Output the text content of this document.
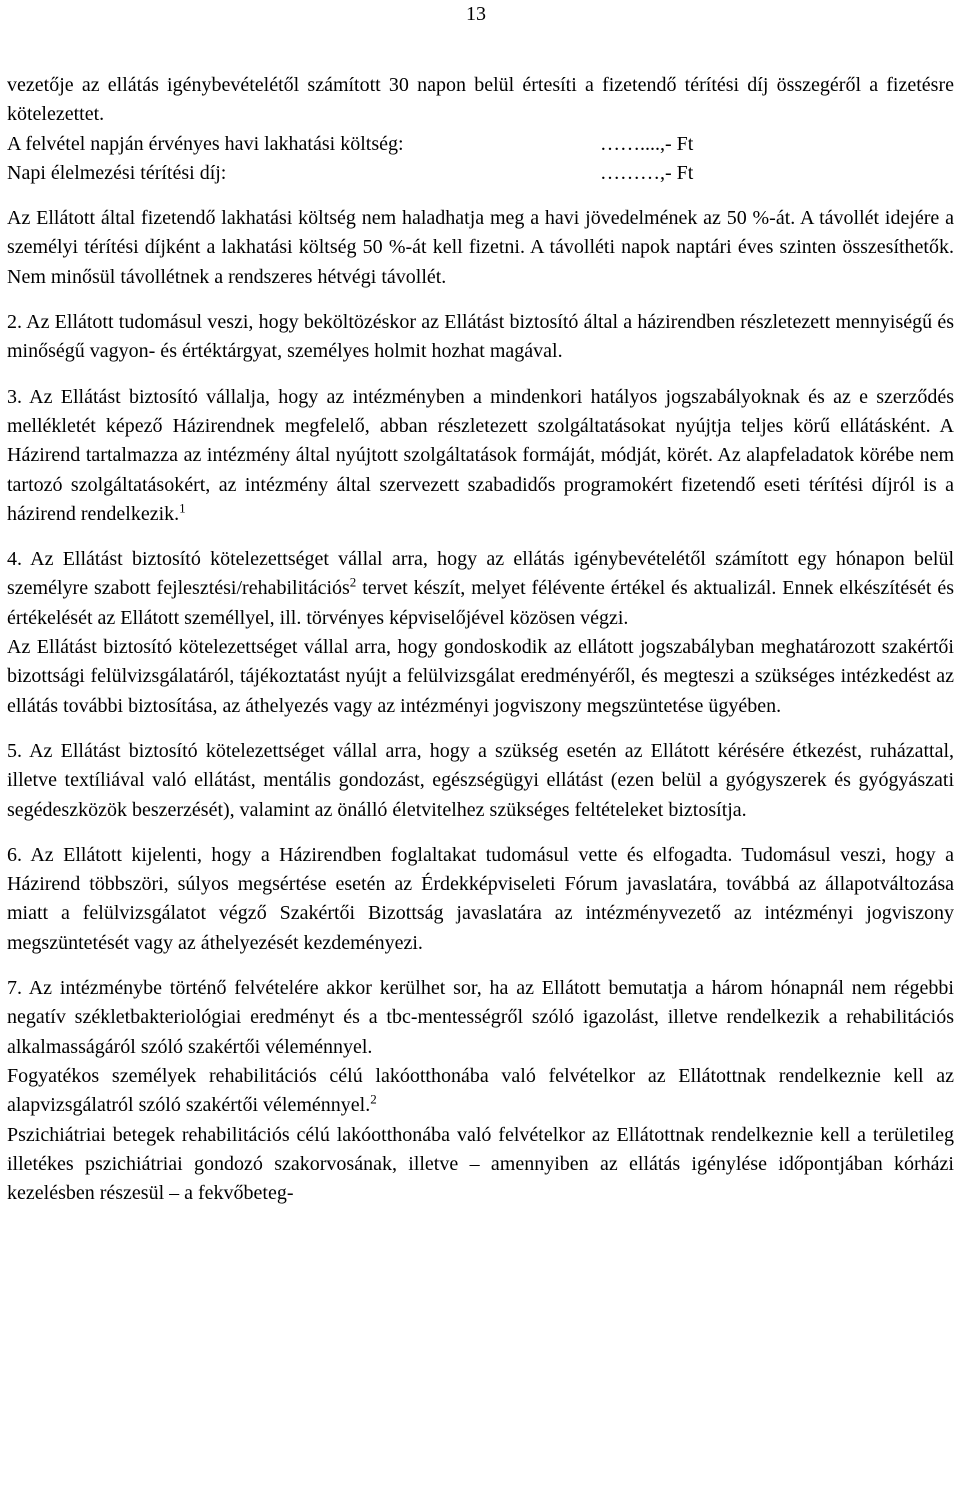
13

vezetője az ellátás igénybevételétől számított 30 napon belül értesíti a fizetendő térítési díj összegéről a fizetésre kötelezettet.

A felvétel napján érvényes havi lakhatási költség:	……....,- Ft
Napi élelmezési térítési díj:	………,- Ft

Az Ellátott által fizetendő lakhatási költség nem haladhatja meg a havi jövedelmének az 50 %-át. A távollét idejére a személyi térítési díjként a lakhatási költség 50 %-át kell fizetni. A távolléti napok naptári éves szinten összesíthetők. Nem minősül távollétnek a rendszeres hétvégi távollét.

2. Az Ellátott tudomásul veszi, hogy beköltözéskor az Ellátást biztosító által a házirendben részletezett mennyiségű és minőségű vagyon- és értéktárgyat, személyes holmit hozhat magával.

3. Az Ellátást biztosító vállalja, hogy az intézményben a mindenkori hatályos jogszabályoknak és az e szerződés mellékletét képező Házirendnek megfelelő, abban részletezett szolgáltatásokat nyújtja teljes körű ellátásként. A Házirend tartalmazza az intézmény által nyújtott szolgáltatások formáját, módját, körét. Az alapfeladatok körébe nem tartozó szolgáltatásokért, az intézmény által szervezett szabadidős programokért fizetendő eseti térítési díjról is a házirend rendelkezik.$^1$

4. Az Ellátást biztosító kötelezettséget vállal arra, hogy az ellátás igénybevételétől számított egy hónapon belül személyre szabott fejlesztési/rehabilitációs$^2$ tervet készít, melyet félévente értékel és aktualizál. Ennek elkészítését és értékelését az Ellátott személlyel, ill. törvényes képviselőjével közösen végzi.

Az Ellátást biztosító kötelezettséget vállal arra, hogy gondoskodik az ellátott jogszabályban meghatározott szakértői bizottsági felülvizsgálatáról, tájékoztatást nyújt a felülvizsgálat eredményéről, és megteszi a szükséges intézkedést az ellátás további biztosítása, az áthelyezés vagy az intézményi jogviszony megszüntetése ügyében.

5. Az Ellátást biztosító kötelezettséget vállal arra, hogy a szükség esetén az Ellátott kérésére étkezést, ruházattal, illetve textíliával való ellátást, mentális gondozást, egészségügyi ellátást (ezen belül a gyógyszerek és gyógyászati segédeszközök beszerzését), valamint az önálló életvitelhez szükséges feltételeket biztosítja.

6. Az Ellátott kijelenti, hogy a Házirendben foglaltakat tudomásul vette és elfogadta. Tudomásul veszi, hogy a Házirend többszöri, súlyos megsértése esetén az Érdekképviseleti Fórum javaslatára, továbbá az állapotváltozása miatt a felülvizsgálatot végző Szakértői Bizottság javaslatára az intézményvezető az intézményi jogviszony megszüntetését vagy az áthelyezését kezdeményezi.

7. Az intézménybe történő felvételére akkor kerülhet sor, ha az Ellátott bemutatja a három hónapnál nem régebbi negatív székletbakteriológiai eredményt és a tbc-mentességről szóló igazolást, illetve rendelkezik a rehabilitációs alkalmasságáról szóló szakértői véleménnyel.

Fogyatékos személyek rehabilitációs célú lakóotthonába való felvételkor az Ellátottnak rendelkeznie kell az alapvizsgálatról szóló szakértői véleménnyel.$^2$

Pszichiátriai betegek rehabilitációs célú lakóotthonába való felvételkor az Ellátottnak rendelkeznie kell a területileg illetékes pszichiátriai gondozó szakorvosának, illetve – amennyiben az ellátás igénylése időpontjában kórházi kezelésben részesül – a fekvőbeteg-
